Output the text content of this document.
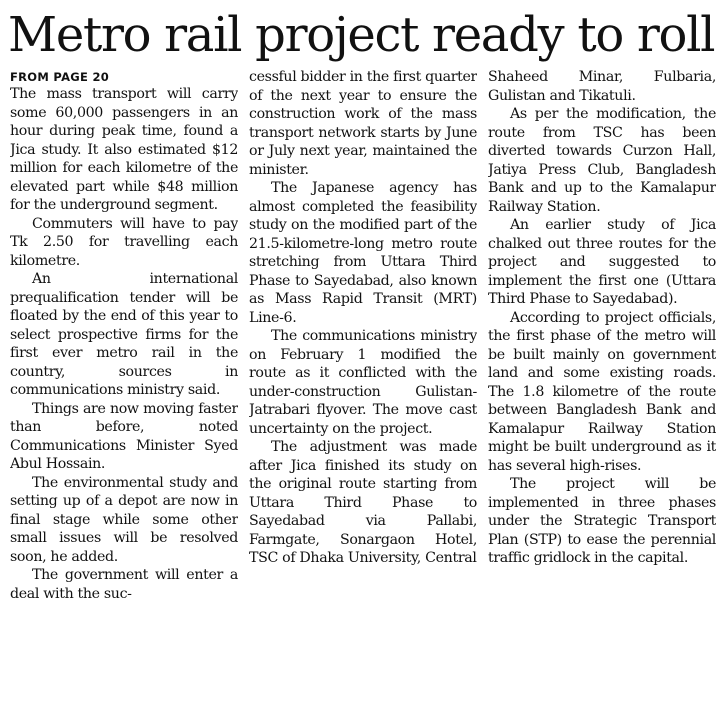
Metro rail project ready to roll
FROM PAGE 20

The mass transport will carry some 60,000 passengers in an hour during peak time, found a Jica study. It also estimated $12 million for each kilometre of the elevated part while $48 million for the underground segment.

Commuters will have to pay Tk 2.50 for travelling each kilometre.

An international prequalification tender will be floated by the end of this year to select prospective firms for the first ever metro rail in the country, sources in communications ministry said.

Things are now moving faster than before, noted Communications Minister Syed Abul Hossain.

The environmental study and setting up of a depot are now in final stage while some other small issues will be resolved soon, he added.

The government will enter a deal with the suc-

cessful bidder in the first quarter of the next year to ensure the construction work of the mass transport network starts by June or July next year, maintained the minister.

The Japanese agency has almost completed the feasibility study on the modified part of the 21.5-kilometre-long metro route stretching from Uttara Third Phase to Sayedabad, also known as Mass Rapid Transit (MRT) Line-6.

The communications ministry on February 1 modified the route as it conflicted with the under-construction Gulistan-Jatrabari flyover. The move cast uncertainty on the project.

The adjustment was made after Jica finished its study on the original route starting from Uttara Third Phase to Sayedabad via Pallabi, Farmgate, Sonargaon Hotel, TSC of Dhaka University, Central

Shaheed Minar, Fulbaria, Gulistan and Tikatuli.

As per the modification, the route from TSC has been diverted towards Curzon Hall, Jatiya Press Club, Bangladesh Bank and up to the Kamalapur Railway Station.

An earlier study of Jica chalked out three routes for the project and suggested to implement the first one (Uttara Third Phase to Sayedabad).

According to project officials, the first phase of the metro will be built mainly on government land and some existing roads. The 1.8 kilometre of the route between Bangladesh Bank and Kamalapur Railway Station might be built underground as it has several high-rises.

The project will be implemented in three phases under the Strategic Transport Plan (STP) to ease the perennial traffic gridlock in the capital.
